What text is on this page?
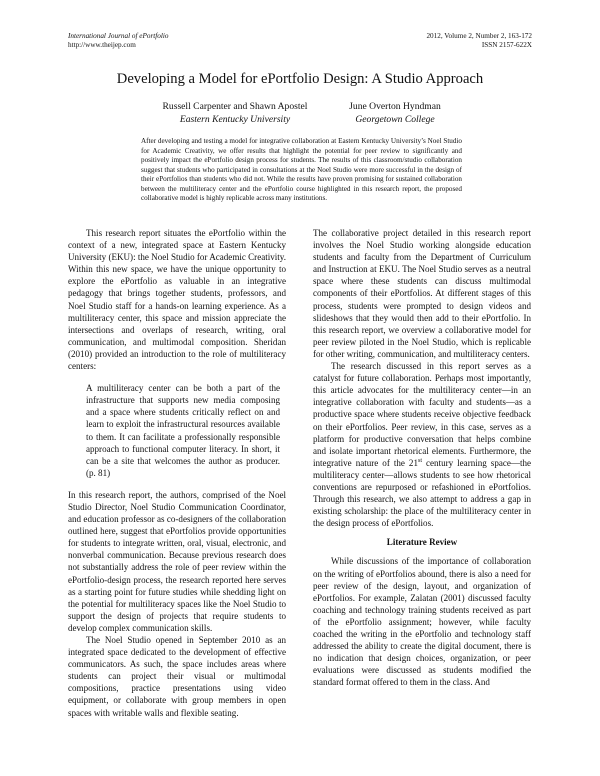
International Journal of ePortfolio
http://www.theijep.com
2012, Volume 2, Number 2, 163-172
ISSN 2157-622X
Developing a Model for ePortfolio Design: A Studio Approach
Russell Carpenter and Shawn Apostel
Eastern Kentucky University
June Overton Hyndman
Georgetown College
After developing and testing a model for integrative collaboration at Eastern Kentucky University’s Noel Studio for Academic Creativity, we offer results that highlight the potential for peer review to significantly and positively impact the ePortfolio design process for students. The results of this classroom/studio collaboration suggest that students who participated in consultations at the Noel Studio were more successful in the design of their ePortfolios than students who did not. While the results have proven promising for sustained collaboration between the multiliteracy center and the ePortfolio course highlighted in this research report, the proposed collaborative model is highly replicable across many institutions.

This research report situates the ePortfolio within the context of a new, integrated space at Eastern Kentucky University (EKU): the Noel Studio for Academic Creativity. Within this new space, we have the unique opportunity to explore the ePortfolio as valuable in an integrative pedagogy that brings together students, professors, and Noel Studio staff for a hands-on learning experience. As a multiliteracy center, this space and mission appreciate the intersections and overlaps of research, writing, oral communication, and multimodal composition. Sheridan (2010) provided an introduction to the role of multiliteracy centers:

A multiliteracy center can be both a part of the infrastructure that supports new media composing and a space where students critically reflect on and learn to exploit the infrastructural resources available to them. It can facilitate a professionally responsible approach to functional computer literacy. In short, it can be a site that welcomes the author as producer. (p. 81)

In this research report, the authors, comprised of the Noel Studio Director, Noel Studio Communication Coordinator, and education professor as co-designers of the collaboration outlined here, suggest that ePortfolios provide opportunities for students to integrate written, oral, visual, electronic, and nonverbal communication. Because previous research does not substantially address the role of peer review within the ePortfolio-design process, the research reported here serves as a starting point for future studies while shedding light on the potential for multiliteracy spaces like the Noel Studio to support the design of projects that require students to develop complex communication skills.

The Noel Studio opened in September 2010 as an integrated space dedicated to the development of effective communicators. As such, the space includes areas where students can project their visual or multimodal compositions, practice presentations using video equipment, or collaborate with group members in open spaces with writable walls and flexible seating.

The collaborative project detailed in this research report involves the Noel Studio working alongside education students and faculty from the Department of Curriculum and Instruction at EKU. The Noel Studio serves as a neutral space where these students can discuss multimodal components of their ePortfolios. At different stages of this process, students were prompted to design videos and slideshows that they would then add to their ePortfolio. In this research report, we overview a collaborative model for peer review piloted in the Noel Studio, which is replicable for other writing, communication, and multiliteracy centers.

The research discussed in this report serves as a catalyst for future collaboration. Perhaps most importantly, this article advocates for the multiliteracy center—in an integrative collaboration with faculty and students—as a productive space where students receive objective feedback on their ePortfolios. Peer review, in this case, serves as a platform for productive conversation that helps combine and isolate important rhetorical elements. Furthermore, the integrative nature of the 21st century learning space—the multiliteracy center—allows students to see how rhetorical conventions are repurposed or refashioned in ePortfolios. Through this research, we also attempt to address a gap in existing scholarship: the place of the multiliteracy center in the design process of ePortfolios.

Literature Review

While discussions of the importance of collaboration on the writing of ePortfolios abound, there is also a need for peer review of the design, layout, and organization of ePortfolios. For example, Zalatan (2001) discussed faculty coaching and technology training students received as part of the ePortfolio assignment; however, while faculty coached the writing in the ePortfolio and technology staff addressed the ability to create the digital document, there is no indication that design choices, organization, or peer evaluations were discussed as students modified the standard format offered to them in the class. And
